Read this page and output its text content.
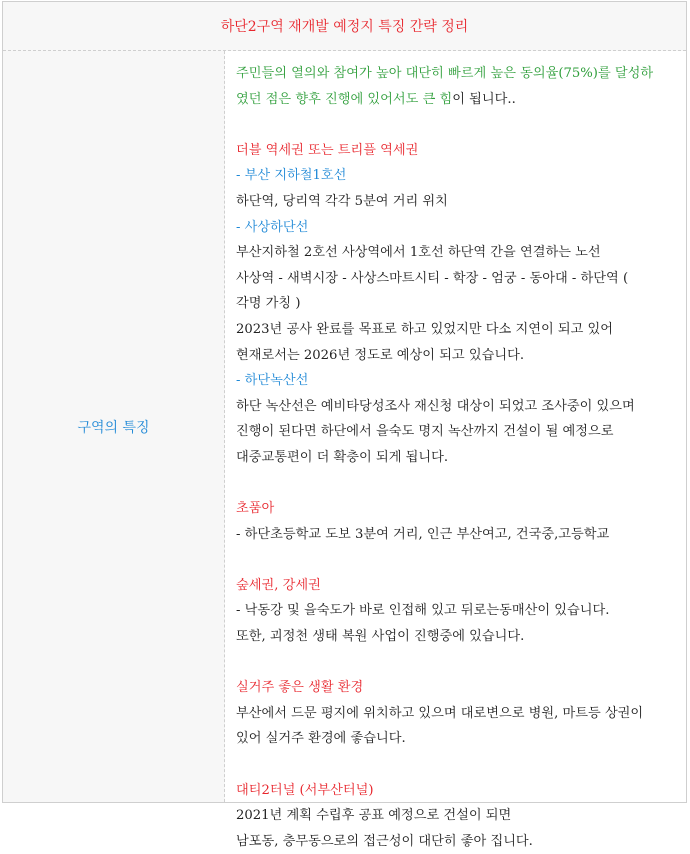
하단2구역 재개발 예정지 특징 간략 정리
구역의 특징
주민들의 열의와 참여가 높아 대단히 빠르게 높은 동의율(75%)를 달성하
였던 점은 향후 진행에 있어서도 큰 힘이 됩니다..
더블 역세권 또는 트리플 역세권
- 부산 지하철1호선
하단역, 당리역 각각 5분여 거리 위치
- 사상하단선
부산지하철 2호선 사상역에서 1호선 하단역 간을 연결하는 노선
사상역 - 새벽시장 - 사상스마트시티 - 학장 - 엄궁 - 동아대 - 하단역 (
각명 가칭 )
2023년 공사 완료를 목표로 하고 있었지만 다소 지연이 되고 있어
현재로서는 2026년 정도로 예상이 되고 있습니다.
- 하단녹산선
하단 녹산선은 예비타당성조사 재신청 대상이 되었고 조사중이 있으며
진행이 된다면 하단에서 을숙도 명지 녹산까지 건설이 될 예정으로
대중교통편이 더 확충이 되게 됩니다.
초품아
- 하단초등학교 도보 3분여 거리, 인근 부산여고, 건국중,고등학교
숲세권, 강세권
- 낙동강 및 을숙도가 바로 인접해 있고 뒤로는동매산이 있습니다.
또한, 괴정천 생태 복원 사업이 진행중에 있습니다.
실거주 좋은 생활 환경
부산에서 드문 평지에 위치하고 있으며 대로변으로 병원, 마트등 상권이
있어 실거주 환경에 좋습니다.
대티2터널 (서부산터널)
2021년 계획 수립후 공표 예정으로 건설이 되면
남포동, 충무동으로의 접근성이 대단히 좋아 집니다.
